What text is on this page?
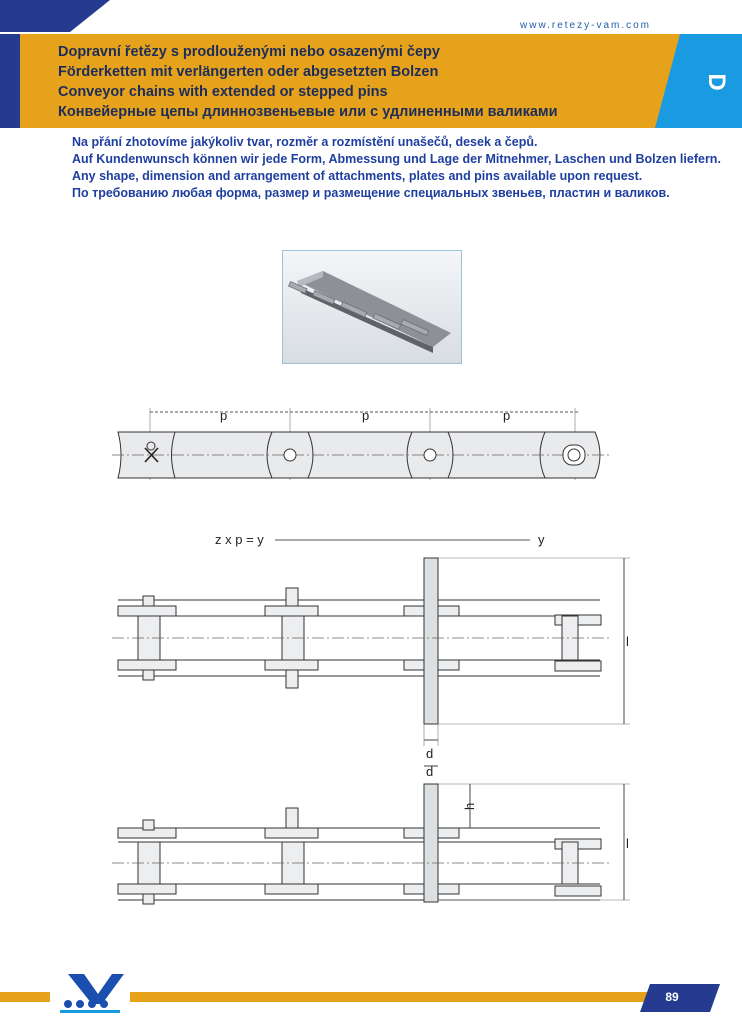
www.retezy-vam.com
Dopravní řetězy s prodlouženými nebo osazenými čepy
Förderketten mit verlängerten oder abgesetzten Bolzen
Conveyor chains with extended or stepped pins
Конвейерные цепы длиннозвеньевые или с удлиненными валиками
D
Na přání zhotovíme jakýkoliv tvar, rozměr a rozmístění unašečů, desek a čepů.
Auf Kundenwunsch können wir jede Form, Abmessung und Lage der Mitnehmer, Laschen und Bolzen liefern.
Any shape, dimension and arrangement of attachments, plates and pins available upon request.
По требованию любая форма, размер и размещение специальных звеньев, пластин и валиков.
p	p	p
z x p = y	y
l
d
d
h
l
89
